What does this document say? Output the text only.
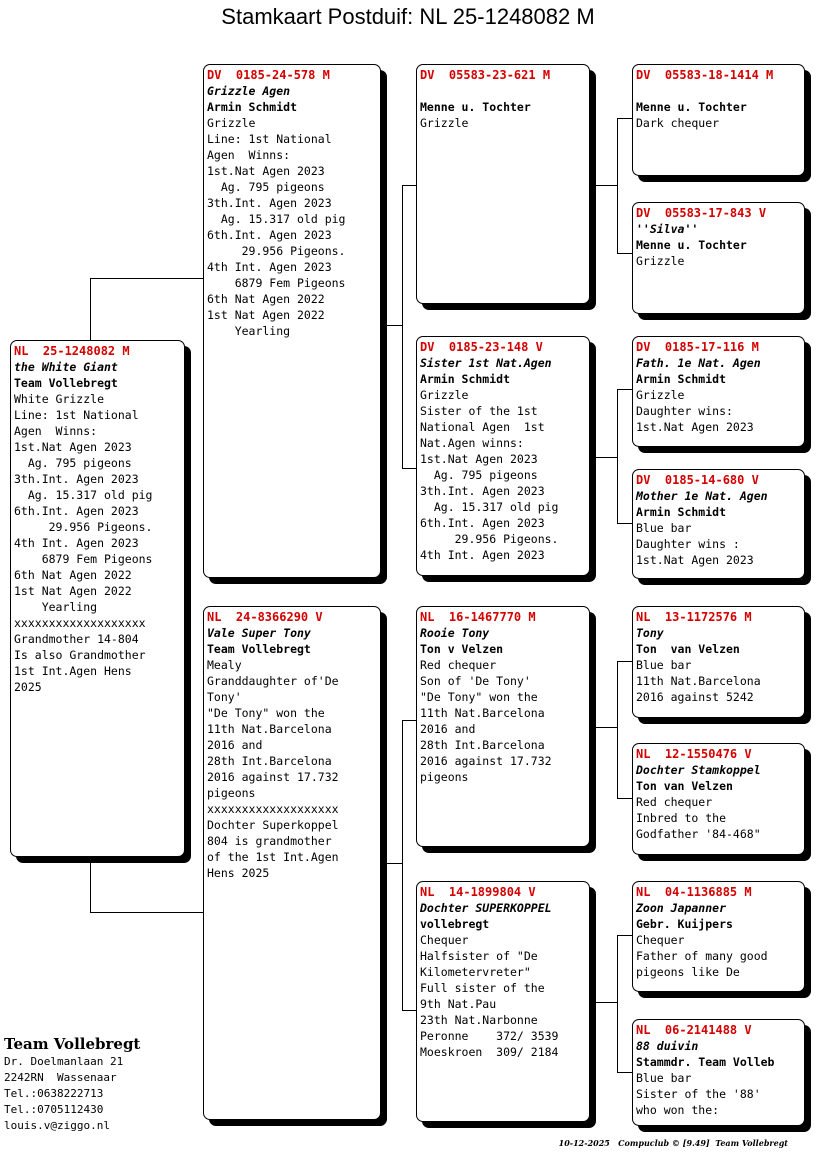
Stamkaart Postduif: NL 25-1248082 M
NL  25-1248082 M
the White Giant
Team Vollebregt
White Grizzle
Line: 1st National
Agen  Winns:
1st.Nat Agen 2023
Ag. 795 pigeons
3th.Int. Agen 2023
Ag. 15.317 old pig
6th.Int. Agen 2023
29.956 Pigeons.
4th Int. Agen 2023
6879 Fem Pigeons
6th Nat Agen 2022
1st Nat Agen 2022
Yearling
xxxxxxxxxxxxxxxxxxx
Grandmother 14-804
Is also Grandmother
1st Int.Agen Hens
2025
DV  0185-24-578 M
Grizzle Agen
Armin Schmidt
Grizzle
Line: 1st National
Agen  Winns:
1st.Nat Agen 2023
Ag. 795 pigeons
3th.Int. Agen 2023
Ag. 15.317 old pig
6th.Int. Agen 2023
29.956 Pigeons.
4th Int. Agen 2023
6879 Fem Pigeons
6th Nat Agen 2022
1st Nat Agen 2022
Yearling
NL  24-8366290 V
Vale Super Tony
Team Vollebregt
Mealy
Granddaughter of'De
Tony'
"De Tony" won the
11th Nat.Barcelona
2016 and
28th Int.Barcelona
2016 against 17.732
pigeons
xxxxxxxxxxxxxxxxxxx
Dochter Superkoppel
804 is grandmother
of the 1st Int.Agen
Hens 2025
DV  05583-23-621 M
Menne u. Tochter
Grizzle
DV  0185-23-148 V
Sister 1st Nat.Agen
Armin Schmidt
Grizzle
Sister of the 1st
National Agen  1st
Nat.Agen winns:
1st.Nat Agen 2023
Ag. 795 pigeons
3th.Int. Agen 2023
Ag. 15.317 old pig
6th.Int. Agen 2023
29.956 Pigeons.
4th Int. Agen 2023
NL  16-1467770 M
Rooie Tony
Ton v Velzen
Red chequer
Son of 'De Tony'
"De Tony" won the
11th Nat.Barcelona
2016 and
28th Int.Barcelona
2016 against 17.732
pigeons
NL  14-1899804 V
Dochter SUPERKOPPEL
vollebregt
Chequer
Halfsister of "De
Kilometervreter"
Full sister of the
9th Nat.Pau
23th Nat.Narbonne
Peronne    372/ 3539
Moeskroen  309/ 2184
DV  05583-18-1414 M
Menne u. Tochter
Dark chequer
DV  05583-17-843 V
''Silva''
Menne u. Tochter
Grizzle
DV  0185-17-116 M
Fath. 1e Nat. Agen
Armin Schmidt
Grizzle
Daughter wins:
1st.Nat Agen 2023
DV  0185-14-680 V
Mother 1e Nat. Agen
Armin Schmidt
Blue bar
Daughter wins :
1st.Nat Agen 2023
NL  13-1172576 M
Tony
Ton  van Velzen
Blue bar
11th Nat.Barcelona
2016 against 5242
NL  12-1550476 V
Dochter Stamkoppel
Ton van Velzen
Red chequer
Inbred to the
Godfather '84-468"
NL  04-1136885 M
Zoon Japanner
Gebr. Kuijpers
Chequer
Father of many good
pigeons like De
NL  06-2141488 V
88 duivin
Stammdr. Team Volleb
Blue bar
Sister of the '88'
who won the:
Team Vollebregt
Dr. Doelmanlaan 21
2242RN  Wassenaar
Tel.:0638222713
Tel.:0705112430
louis.v@ziggo.nl
10-12-2025   Compuclub © [9.49]  Team Vollebregt
